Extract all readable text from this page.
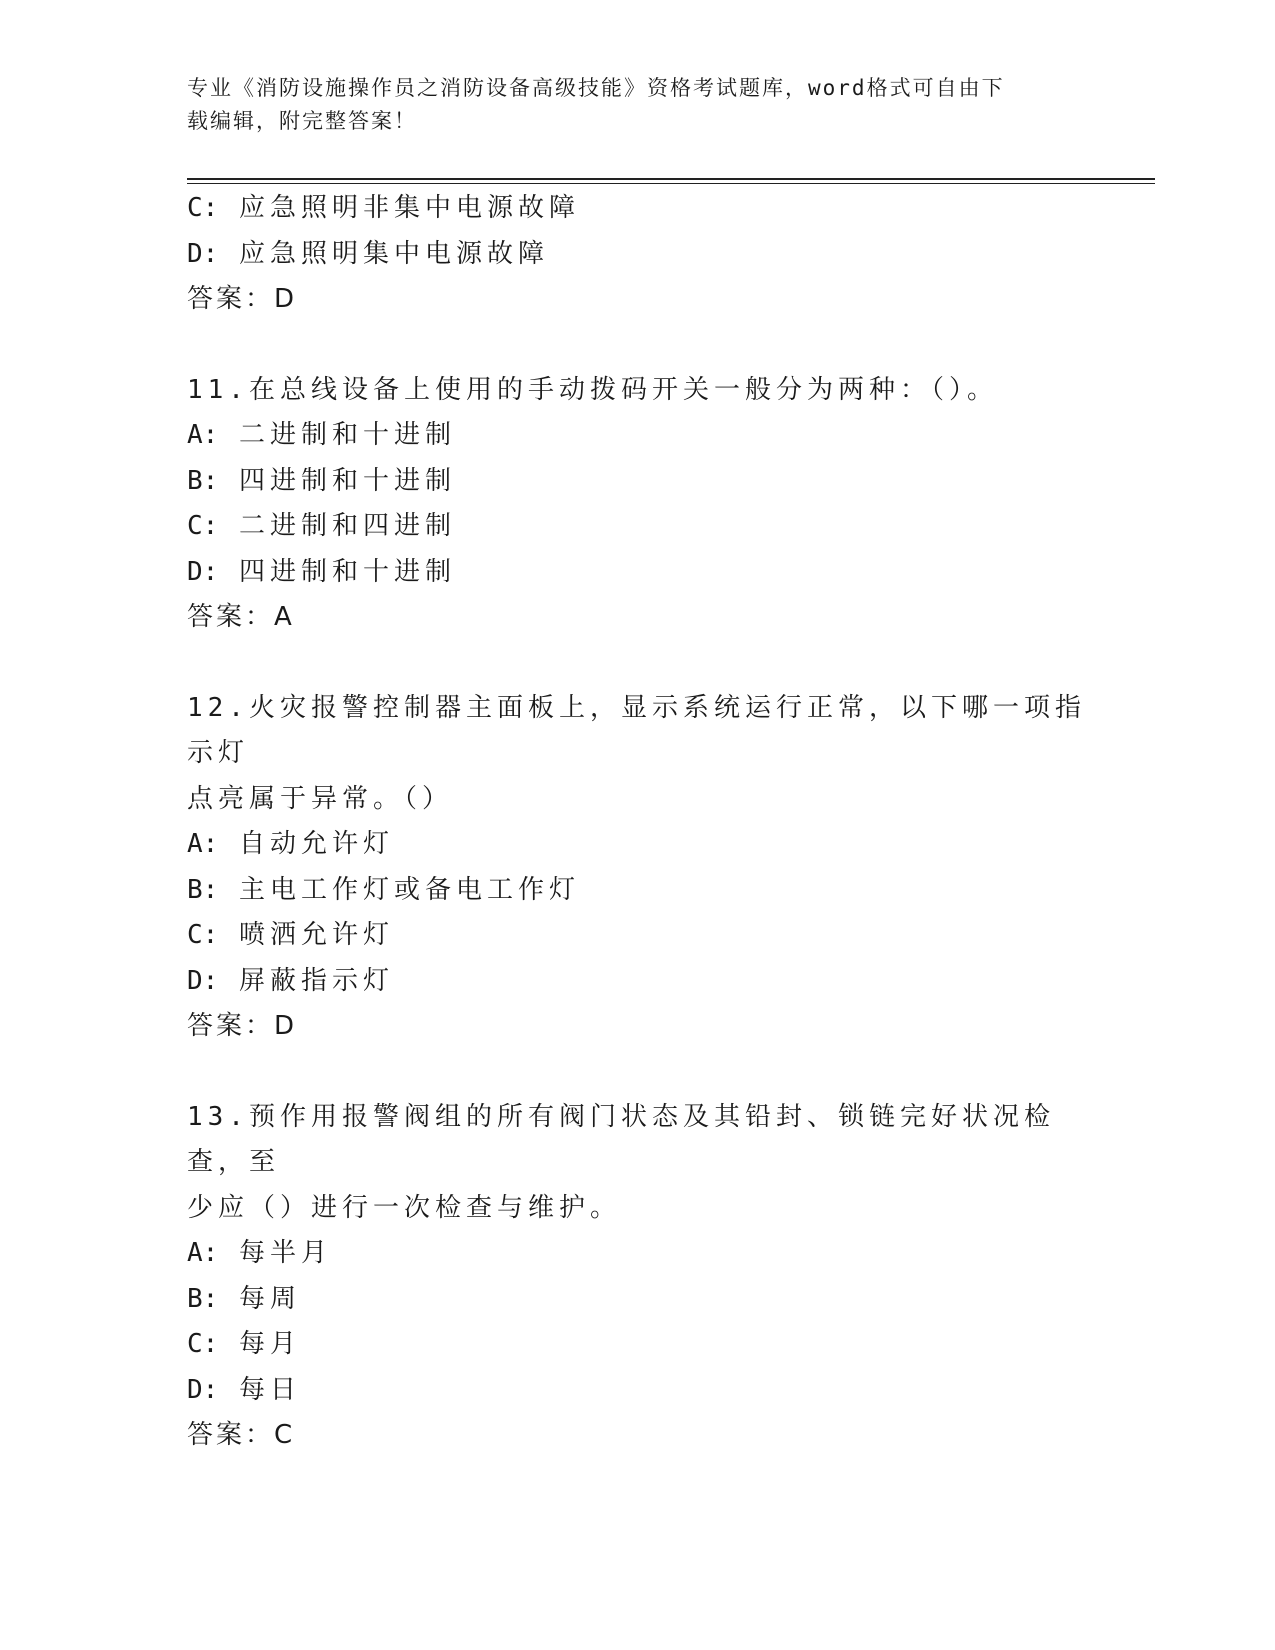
专业《消防设施操作员之消防设备高级技能》资格考试题库，word格式可自由下
载编辑，附完整答案！
C: 应急照明非集中电源故障
D: 应急照明集中电源故障
答案：D
11.在总线设备上使用的手动拨码开关一般分为两种：（）。
A: 二进制和十进制
B: 四进制和十进制
C: 二进制和四进制
D: 四进制和十进制
答案：A
12.火灾报警控制器主面板上，显示系统运行正常，以下哪一项指示灯
点亮属于异常。（）
A: 自动允许灯
B: 主电工作灯或备电工作灯
C: 喷洒允许灯
D: 屏蔽指示灯
答案：D
13.预作用报警阀组的所有阀门状态及其铅封、锁链完好状况检查，至
少应（）进行一次检查与维护。
A: 每半月
B: 每周
C: 每月
D: 每日
答案：C
